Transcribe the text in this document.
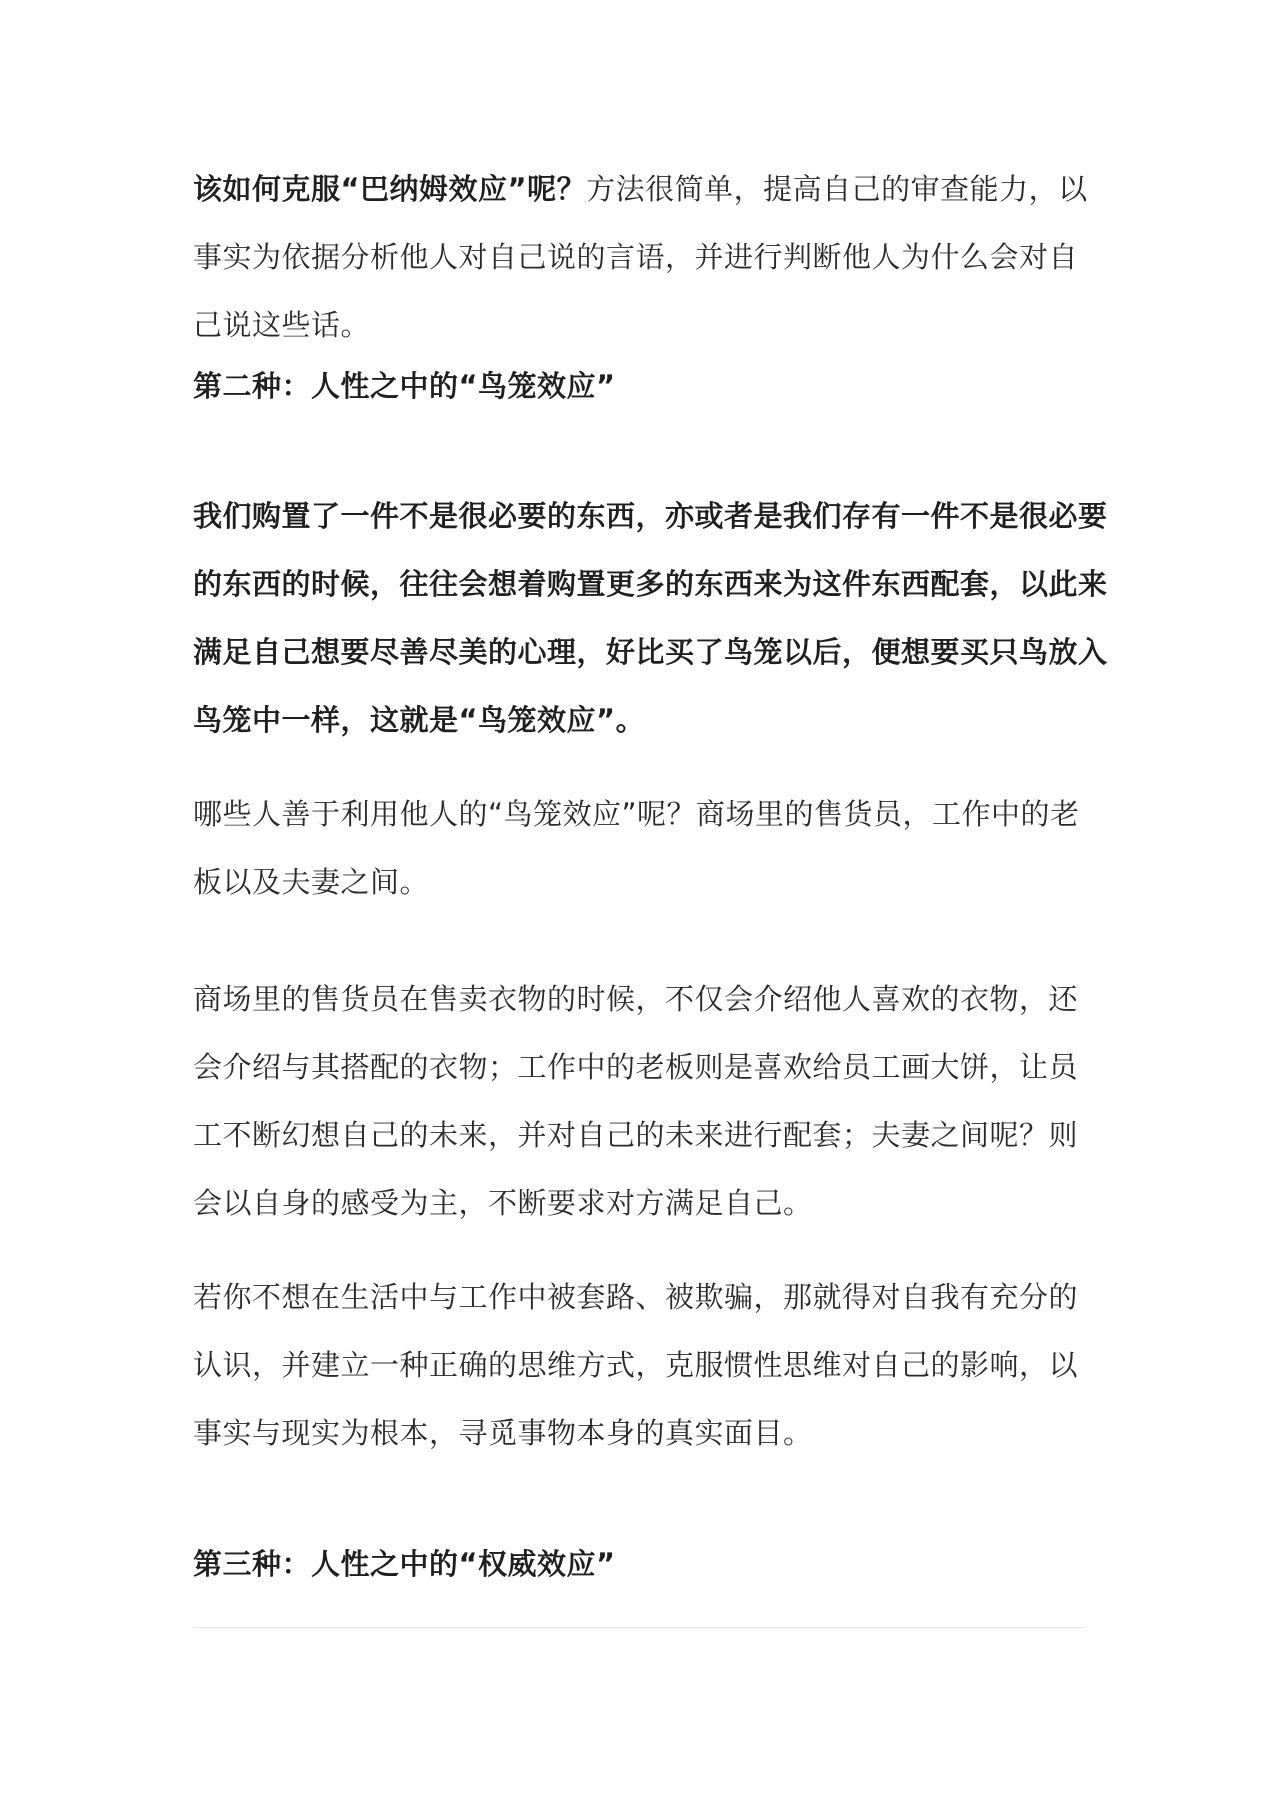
该如何克服“巴纳姆效应”呢？方法很简单，提高自己的审查能力，以
事实为依据分析他人对自己说的言语，并进行判断他人为什么会对自
己说这些话。

第二种：人性之中的“鸟笼效应”

我们购置了一件不是很必要的东西，亦或者是我们存有一件不是很必要
的东西的时候，往往会想着购置更多的东西来为这件东西配套，以此来
满足自己想要尽善尽美的心理，好比买了鸟笼以后，便想要买只鸟放入
鸟笼中一样，这就是“鸟笼效应”。

哪些人善于利用他人的“鸟笼效应”呢？商场里的售货员，工作中的老
板以及夫妻之间。

商场里的售货员在售卖衣物的时候，不仅会介绍他人喜欢的衣物，还
会介绍与其搭配的衣物；工作中的老板则是喜欢给员工画大饼，让员
工不断幻想自己的未来，并对自己的未来进行配套；夫妻之间呢？则
会以自身的感受为主，不断要求对方满足自己。

若你不想在生活中与工作中被套路、被欺骗，那就得对自我有充分的
认识，并建立一种正确的思维方式，克服惯性思维对自己的影响，以
事实与现实为根本，寻觅事物本身的真实面目。

第三种：人性之中的“权威效应”
